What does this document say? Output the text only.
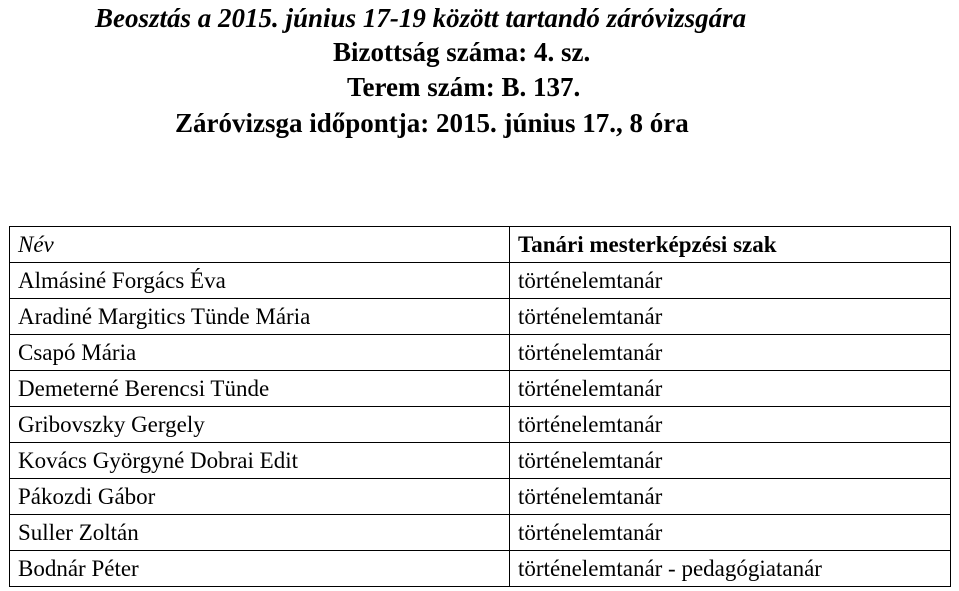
Beosztás a 2015. június 17-19 között tartandó záróvizsgára
Bizottság száma: 4. sz.
Terem szám: B. 137.
Záróvizsga időpontja: 2015. június 17., 8 óra
Név	Tanári mesterképzési szak
Almásiné Forgács Éva	történelemtanár
Aradiné Margitics Tünde Mária	történelemtanár
Csapó Mária	történelemtanár
Demeterné Berencsi Tünde	történelemtanár
Gribovszky Gergely	történelemtanár
Kovács Györgyné Dobrai Edit	történelemtanár
Pákozdi Gábor	történelemtanár
Suller Zoltán	történelemtanár
Bodnár Péter	történelemtanár - pedagógiatanár
